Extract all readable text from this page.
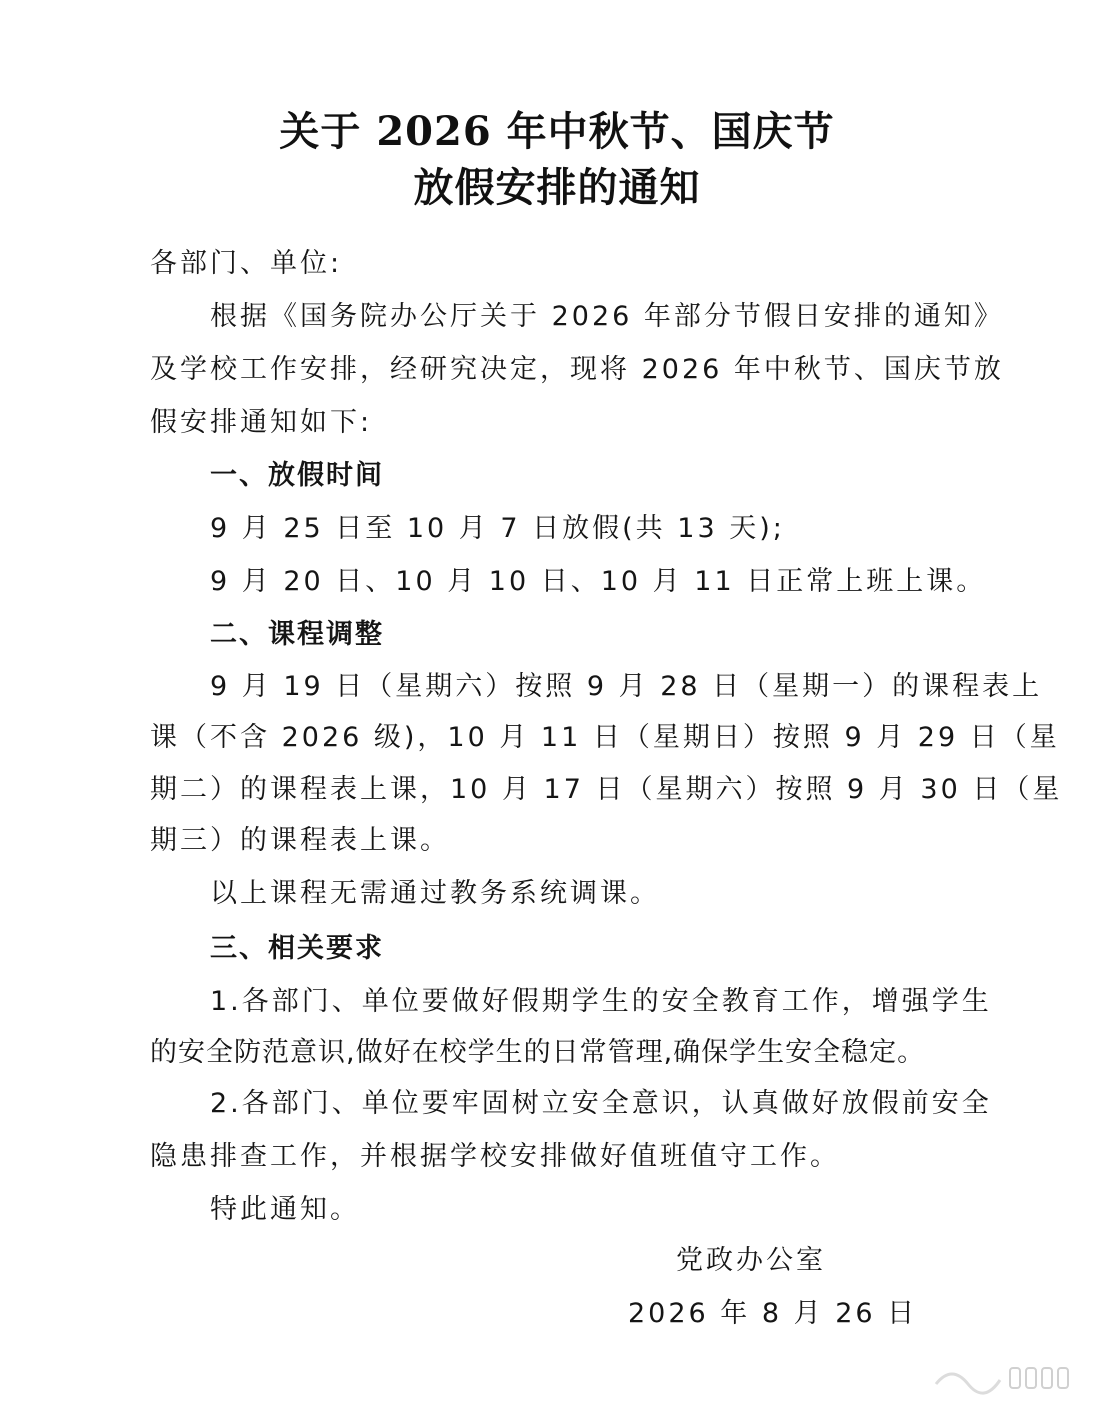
关于 2026 年中秋节、国庆节
放假安排的通知
各部门、单位:
根据《国务院办公厅关于 2026 年部分节假日安排的通知》
及学校工作安排，经研究决定，现将 2026 年中秋节、国庆节放
假安排通知如下:
一、放假时间
9 月 25 日至 10 月 7 日放假(共 13 天);
9 月 20 日、10 月 10 日、10 月 11 日正常上班上课。
二、课程调整
9 月 19 日（星期六）按照 9 月 28 日（星期一）的课程表上
课（不含 2026 级)，10 月 11 日（星期日）按照 9 月 29 日（星
期二）的课程表上课，10 月 17 日（星期六）按照 9 月 30 日（星
期三）的课程表上课。
以上课程无需通过教务系统调课。
三、相关要求
1.各部门、单位要做好假期学生的安全教育工作，增强学生
的安全防范意识,做好在校学生的日常管理,确保学生安全稳定。
2.各部门、单位要牢固树立安全意识，认真做好放假前安全
隐患排查工作，并根据学校安排做好值班值守工作。
特此通知。
党政办公室
2026 年 8 月 26 日
